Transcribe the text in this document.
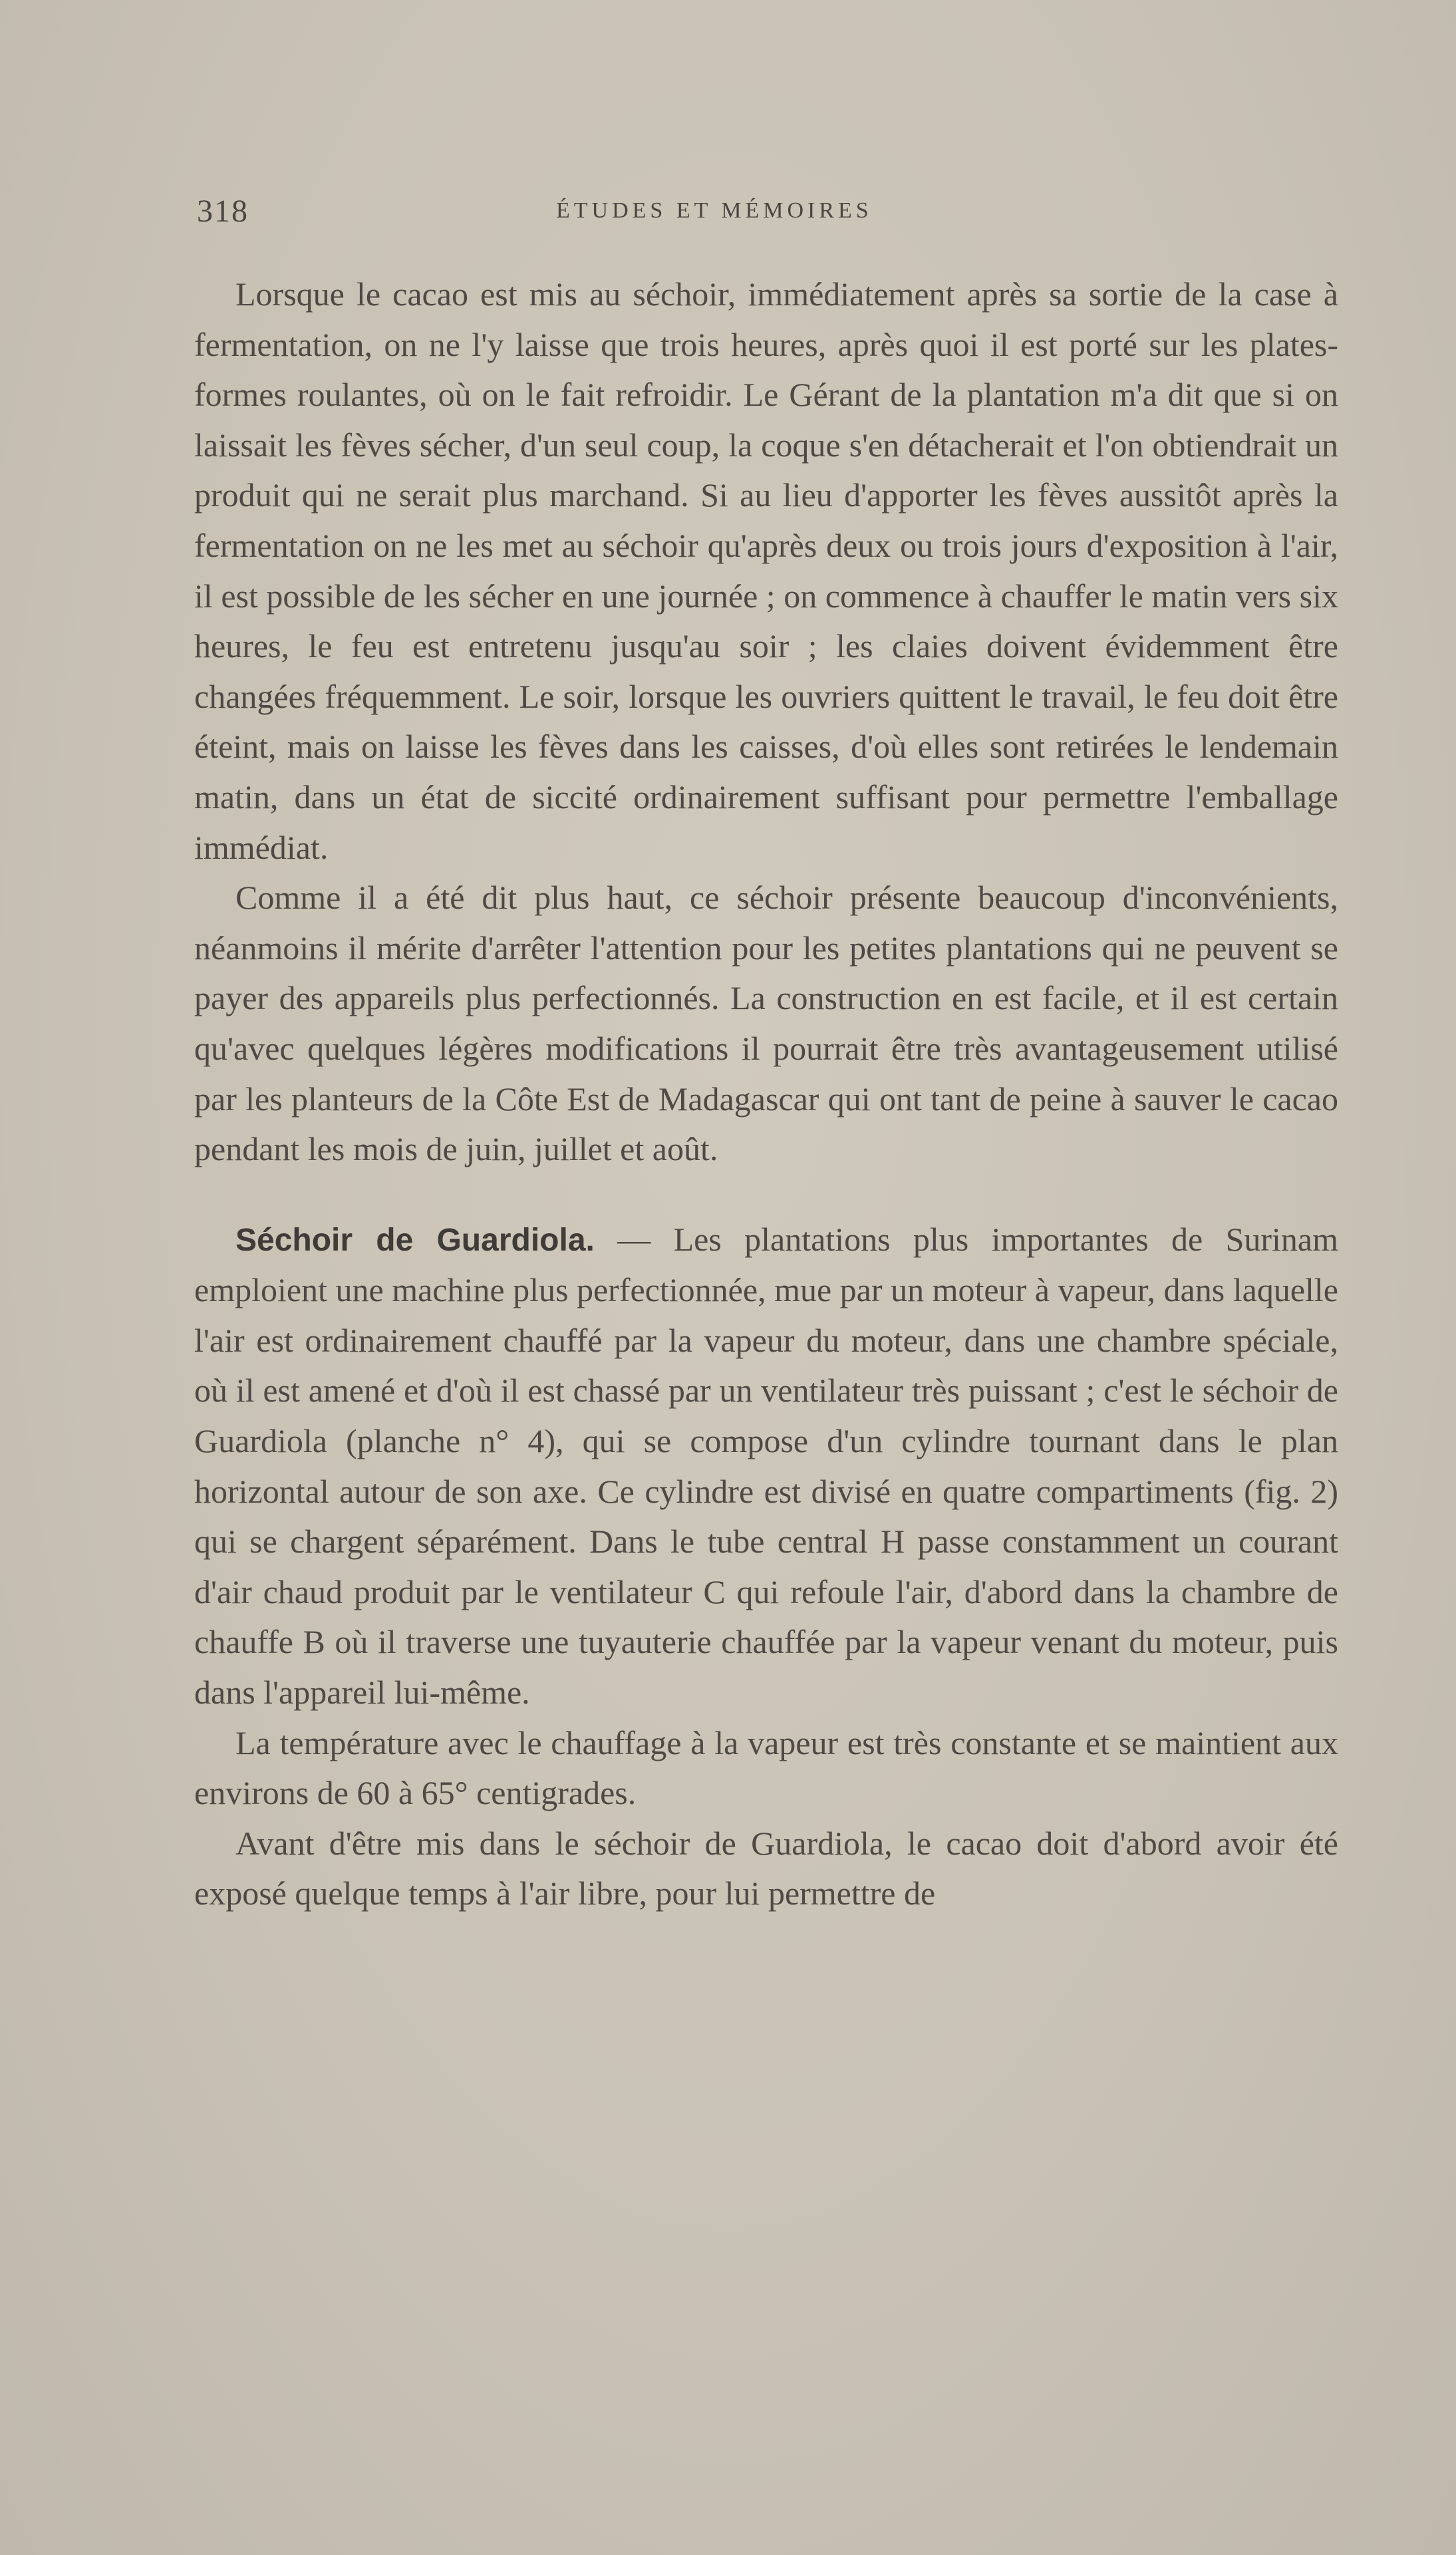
318	ÉTUDES ET MÉMOIRES

Lorsque le cacao est mis au séchoir, immédiatement après sa sortie de la case à fermentation, on ne l'y laisse que trois heures, après quoi il est porté sur les plates-formes roulantes, où on le fait refroidir. Le Gérant de la plantation m'a dit que si on laissait les fèves sécher, d'un seul coup, la coque s'en détacherait et l'on obtiendrait un produit qui ne serait plus marchand. Si au lieu d'apporter les fèves aussitôt après la fermentation on ne les met au séchoir qu'après deux ou trois jours d'exposition à l'air, il est possible de les sécher en une journée ; on commence à chauffer le matin vers six heures, le feu est entretenu jusqu'au soir ; les claies doivent évidemment être changées fréquemment. Le soir, lorsque les ouvriers quittent le travail, le feu doit être éteint, mais on laisse les fèves dans les caisses, d'où elles sont retirées le lendemain matin, dans un état de siccité ordinairement suffisant pour permettre l'emballage immédiat.

Comme il a été dit plus haut, ce séchoir présente beaucoup d'inconvénients, néanmoins il mérite d'arrêter l'attention pour les petites plantations qui ne peuvent se payer des appareils plus perfectionnés. La construction en est facile, et il est certain qu'avec quelques légères modifications il pourrait être très avantageusement utilisé par les planteurs de la Côte Est de Madagascar qui ont tant de peine à sauver le cacao pendant les mois de juin, juillet et août.

Séchoir de Guardiola. — Les plantations plus importantes de Surinam emploient une machine plus perfectionnée, mue par un moteur à vapeur, dans laquelle l'air est ordinairement chauffé par la vapeur du moteur, dans une chambre spéciale, où il est amené et d'où il est chassé par un ventilateur très puissant ; c'est le séchoir de Guardiola (planche n° 4), qui se compose d'un cylindre tournant dans le plan horizontal autour de son axe. Ce cylindre est divisé en quatre compartiments (fig. 2) qui se chargent séparément. Dans le tube central H passe constamment un courant d'air chaud produit par le ventilateur C qui refoule l'air, d'abord dans la chambre de chauffe B où il traverse une tuyauterie chauffée par la vapeur venant du moteur, puis dans l'appareil lui-même.

La température avec le chauffage à la vapeur est très constante et se maintient aux environs de 60 à 65° centigrades.

Avant d'être mis dans le séchoir de Guardiola, le cacao doit d'abord avoir été exposé quelque temps à l'air libre, pour lui permettre de
